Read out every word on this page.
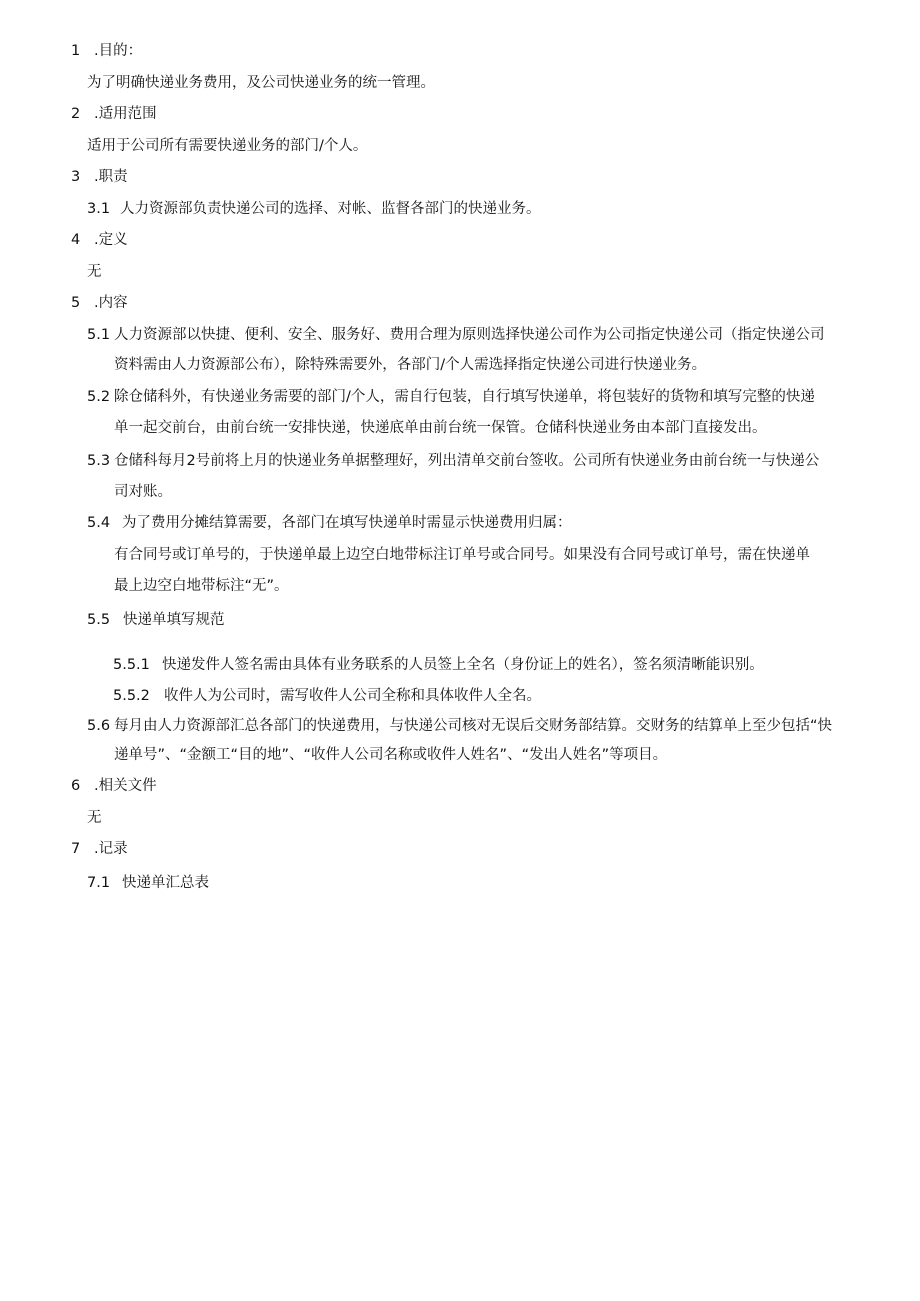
1 .目的：
为了明确快递业务费用，及公司快递业务的统一管理。
2 .适用范围
适用于公司所有需要快递业务的部门/个人。
3 .职责
3.1 人力资源部负责快递公司的选择、对帐、监督各部门的快递业务。
4 .定义
无
5 .内容
5.1 人力资源部以快捷、便利、安全、服务好、费用合理为原则选择快递公司作为公司指定快递公司（指定快递公司
资料需由人力资源部公布），除特殊需要外，各部门/个人需选择指定快递公司进行快递业务。
5.2 除仓储科外，有快递业务需要的部门/个人，需自行包装，自行填写快递单，将包装好的货物和填写完整的快递
单一起交前台，由前台统一安排快递，快递底单由前台统一保管。仓储科快递业务由本部门直接发出。
5.3 仓储科每月2号前将上月的快递业务单据整理好，列出清单交前台签收。公司所有快递业务由前台统一与快递公
司对账。
5.4 为了费用分摊结算需要，各部门在填写快递单时需显示快递费用归属：
有合同号或订单号的，于快递单最上边空白地带标注订单号或合同号。如果没有合同号或订单号，需在快递单
最上边空白地带标注“无”。
5.5 快递单填写规范
5.5.1 快递发件人签名需由具体有业务联系的人员签上全名（身份证上的姓名），签名须清晰能识别。
5.5.2 收件人为公司时，需写收件人公司全称和具体收件人全名。
5.6 每月由人力资源部汇总各部门的快递费用，与快递公司核对无误后交财务部结算。交财务的结算单上至少包括“快
递单号”、“金额工“目的地”、“收件人公司名称或收件人姓名”、“发出人姓名”等项目。
6 .相关文件
无
7 .记录
7.1 快递单汇总表
